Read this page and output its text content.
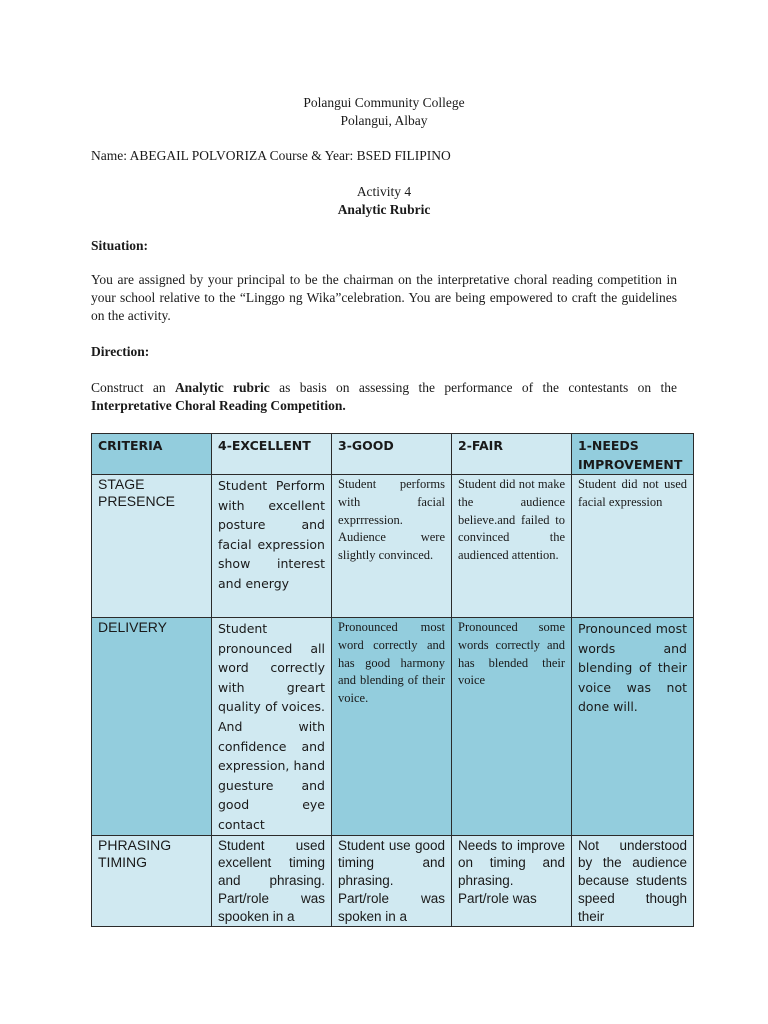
Polangui Community College
Polangui, Albay
Name: ABEGAIL POLVORIZA Course & Year: BSED FILIPINO
Activity 4
Analytic Rubric
Situation:

You are assigned by your principal to be the chairman on the interpretative choral reading competition in your school relative to the “Linggo ng Wika”celebration. You are being empowered to craft the guidelines on the activity.

Direction:

Construct an Analytic rubric as basis on assessing the performance of the contestants on the Interpretative Choral Reading Competition.

CRITERIA	4-EXCELLENT	3-GOOD	2-FAIR	1-NEEDS IMPROVEMENT
STAGE PRESENCE	Student Perform with excellent posture and facial expression show interest and energy	Student performs with facial exprrression. Audience were slightly convinced.	Student did not make the audience believe.and failed to convinced the audienced attention.	Student did not used facial expression
DELIVERY	Student pronounced all word correctly with greart quality of voices. And with confidence and expression, hand guesture and good eye contact	Pronounced most word correctly and has good harmony and blending of their voice.	Pronounced some words correctly and has blended their voice	Pronounced most words and blending of their voice was not done will.
PHRASING TIMING	Student used excellent timing and phrasing. Part/role was spooken in a	Student use good timing and phrasing. Part/role was spoken in a	Needs to improve on timing and phrasing. Part/role was	Not understood by the audience because students speed though their
